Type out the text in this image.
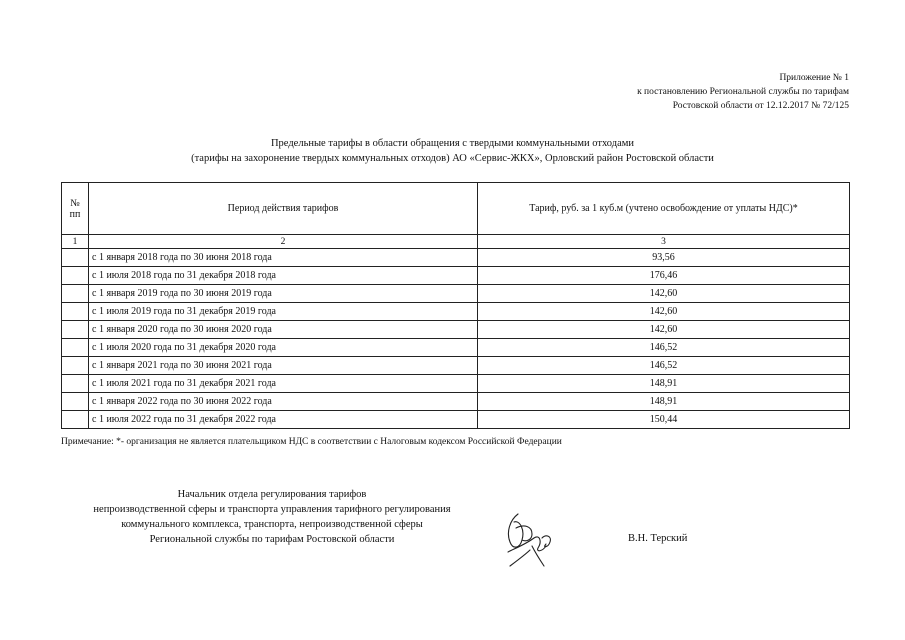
Приложение № 1
к постановлению Региональной службы по тарифам
Ростовской области от 12.12.2017 № 72/125
Предельные тарифы в области обращения с твердыми коммунальными отходами
(тарифы на захоронение твердых коммунальных отходов) АО «Сервис-ЖКХ», Орловский район Ростовской области
№ пп	Период действия тарифов	Тариф, руб. за 1 куб.м (учтено освобождение от уплаты НДС)*
1	2	3
	с 1 января 2018 года по 30 июня 2018 года	93,56
	с 1 июля 2018 года по 31 декабря 2018 года	176,46
	с 1 января 2019 года по 30 июня 2019 года	142,60
	с 1 июля 2019 года по 31 декабря 2019 года	142,60
	с 1 января 2020 года по 30 июня 2020 года	142,60
	с 1 июля 2020 года по 31 декабря 2020 года	146,52
	с 1 января 2021 года по 30 июня 2021 года	146,52
	с 1 июля 2021 года по 31 декабря 2021 года	148,91
	с 1 января 2022 года по 30 июня 2022 года	148,91
	с 1 июля 2022 года по 31 декабря 2022 года	150,44
Примечание: *- организация не является плательщиком НДС в соответствии с Налоговым кодексом Российской Федерации
Начальник отдела регулирования тарифов
непроизводственной сферы и транспорта управления тарифного регулирования
коммунального комплекса, транспорта, непроизводственной сферы
Региональной службы по тарифам Ростовской области	В.Н. Терский
